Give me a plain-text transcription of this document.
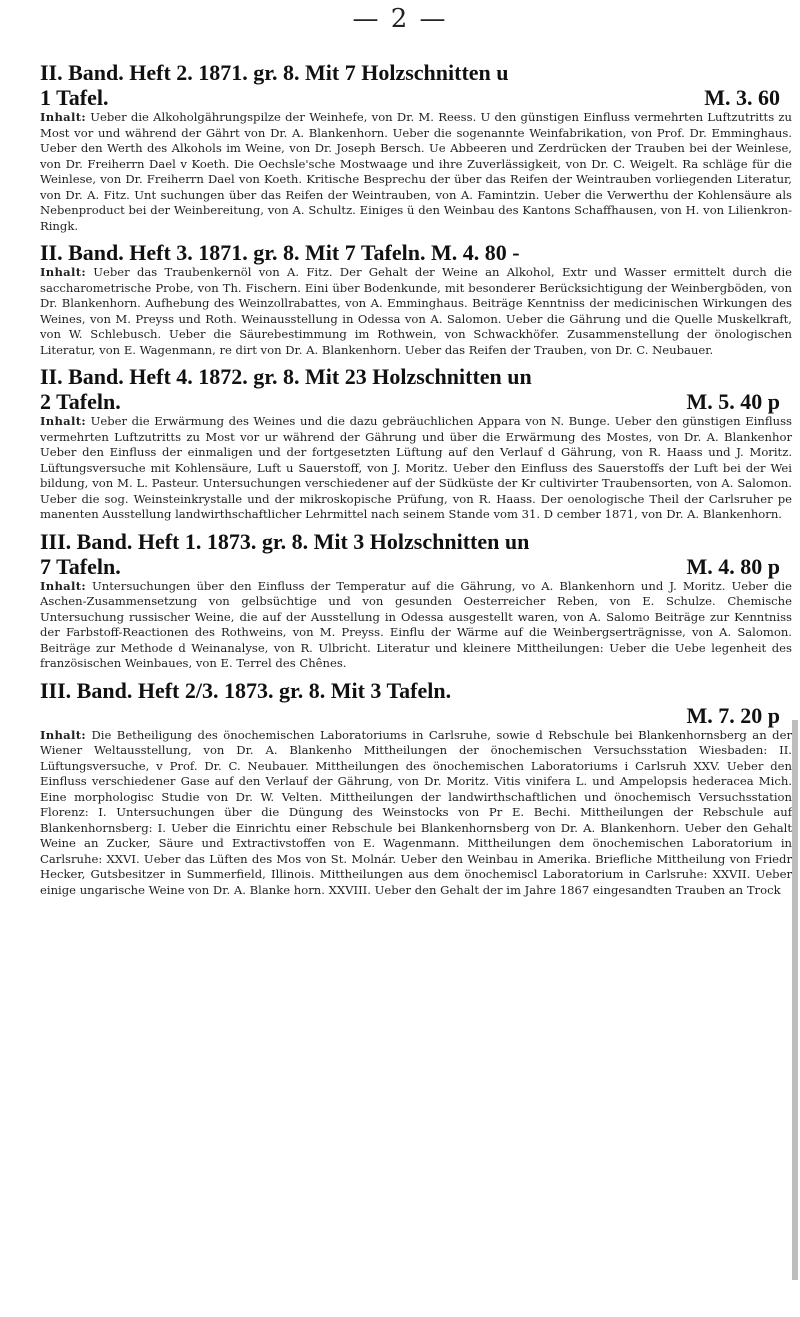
— 2 —
II. Band. Heft 2. 1871. gr. 8. Mit 7 Holzschnitten u
1 Tafel.	M. 3. 60
Inhalt: Ueber die Alkoholgährungspilze der Weinhefe, von Dr. M. Reess. U den günstigen Einfluss vermehrten Luftzutritts zu Most vor und während der Gährt von Dr. A. Blankenhorn. Ueber die sogenannte Weinfabrikation, von Prof. Dr. Emminghaus. Ueber den Werth des Alkohols im Weine, von Dr. Joseph Bersch. Ue Abbeeren und Zerdrücken der Trauben bei der Weinlese, von Dr. Freiherrn Dael v Koeth. Die Oechsle'sche Mostwaage und ihre Zuverlässigkeit, von Dr. C. Weigelt. Ra schläge für die Weinlese, von Dr. Freiherrn Dael von Koeth. Kritische Besprechu der über das Reifen der Weintrauben vorliegenden Literatur, von Dr. A. Fitz. Unt suchungen über das Reifen der Weintrauben, von A. Famintzin. Ueber die Verwerthu der Kohlensäure als Nebenproduct bei der Weinbereitung, von A. Schultz. Einiges ü den Weinbau des Kantons Schaffhausen, von H. von Lilienkron-Ringk.
II. Band. Heft 3. 1871. gr. 8. Mit 7 Tafeln. M. 4. 80 -
Inhalt: Ueber das Traubenkernöl von A. Fitz. Der Gehalt der Weine an Alkohol, Extr und Wasser ermittelt durch die saccharometrische Probe, von Th. Fischern. Eini über Bodenkunde, mit besonderer Berücksichtigung der Weinbergböden, von Dr. Blankenhorn. Aufhebung des Weinzollrabattes, von A. Emminghaus. Beiträge Kenntniss der medicinischen Wirkungen des Weines, von M. Preyss und Roth. Weinausstellung in Odessa von A. Salomon. Ueber die Gährung und die Quelle Muskelkraft, von W. Schlebusch. Ueber die Säurebestimmung im Rothwein, von Schwackhöfer. Zusammenstellung der önologischen Literatur, von E. Wagenmann, re dirt von Dr. A. Blankenhorn. Ueber das Reifen der Trauben, von Dr. C. Neubauer.
II. Band. Heft 4. 1872. gr. 8. Mit 23 Holzschnitten un
2 Tafeln.	M. 5. 40 p
Inhalt: Ueber die Erwärmung des Weines und die dazu gebräuchlichen Appara von N. Bunge. Ueber den günstigen Einfluss vermehrten Luftzutritts zu Most vor ur während der Gährung und über die Erwärmung des Mostes, von Dr. A. Blankenhor Ueber den Einfluss der einmaligen und der fortgesetzten Lüftung auf den Verlauf d Gährung, von R. Haass und J. Moritz. Lüftungsversuche mit Kohlensäure, Luft u Sauerstoff, von J. Moritz. Ueber den Einfluss des Sauerstoffs der Luft bei der Wei bildung, von M. L. Pasteur. Untersuchungen verschiedener auf der Südküste der Kr cultivirter Traubensorten, von A. Salomon. Ueber die sog. Weinsteinkrystalle und der mikroskopische Prüfung, von R. Haass. Der oenologische Theil der Carlsruher pe manenten Ausstellung landwirthschaftlicher Lehrmittel nach seinem Stande vom 31. D cember 1871, von Dr. A. Blankenhorn.
III. Band. Heft 1. 1873. gr. 8. Mit 3 Holzschnitten un
7 Tafeln.	M. 4. 80 p
Inhalt: Untersuchungen über den Einfluss der Temperatur auf die Gährung, vo A. Blankenhorn und J. Moritz. Ueber die Aschen-Zusammensetzung von gelbsüchtige und von gesunden Oesterreicher Reben, von E. Schulze. Chemische Untersuchung russischer Weine, die auf der Ausstellung in Odessa ausgestellt waren, von A. Salomo Beiträge zur Kenntniss der Farbstoff-Reactionen des Rothweins, von M. Preyss. Einflu der Wärme auf die Weinbergserträgnisse, von A. Salomon. Beiträge zur Methode d Weinanalyse, von R. Ulbricht. Literatur und kleinere Mittheilungen: Ueber die Uebe legenheit des französischen Weinbaues, von E. Terrel des Chênes.
III. Band. Heft 2/3. 1873. gr. 8. Mit 3 Tafeln.
M. 7. 20 p
Inhalt: Die Betheiligung des önochemischen Laboratoriums in Carlsruhe, sowie d Rebschule bei Blankenhornsberg an der Wiener Weltausstellung, von Dr. A. Blankenho Mittheilungen der önochemischen Versuchsstation Wiesbaden: II. Lüftungsversuche, v Prof. Dr. C. Neubauer. Mittheilungen des önochemischen Laboratoriums i Carlsruh XXV. Ueber den Einfluss verschiedener Gase auf den Verlauf der Gährung, von Dr. Moritz. Vitis vinifera L. und Ampelopsis hederacea Mich. Eine morphologisc Studie von Dr. W. Velten. Mittheilungen der landwirthschaftlichen und önochemisch Versuchsstation Florenz: I. Untersuchungen über die Düngung des Weinstocks von Pr E. Bechi. Mittheilungen der Rebschule auf Blankenhornsberg: I. Ueber die Einrichtu einer Rebschule bei Blankenhornsberg von Dr. A. Blankenhorn. Ueber den Gehalt Weine an Zucker, Säure und Extractivstoffen von E. Wagenmann. Mittheilungen dem önochemischen Laboratorium in Carlsruhe: XXVI. Ueber das Lüften des Mos von St. Molnár. Ueber den Weinbau in Amerika. Briefliche Mittheilung von Friedr Hecker, Gutsbesitzer in Summerfield, Illinois. Mittheilungen aus dem önochemiscl Laboratorium in Carlsruhe: XXVII. Ueber einige ungarische Weine von Dr. A. Blanke horn. XXVIII. Ueber den Gehalt der im Jahre 1867 eingesandten Trauben an Trock
